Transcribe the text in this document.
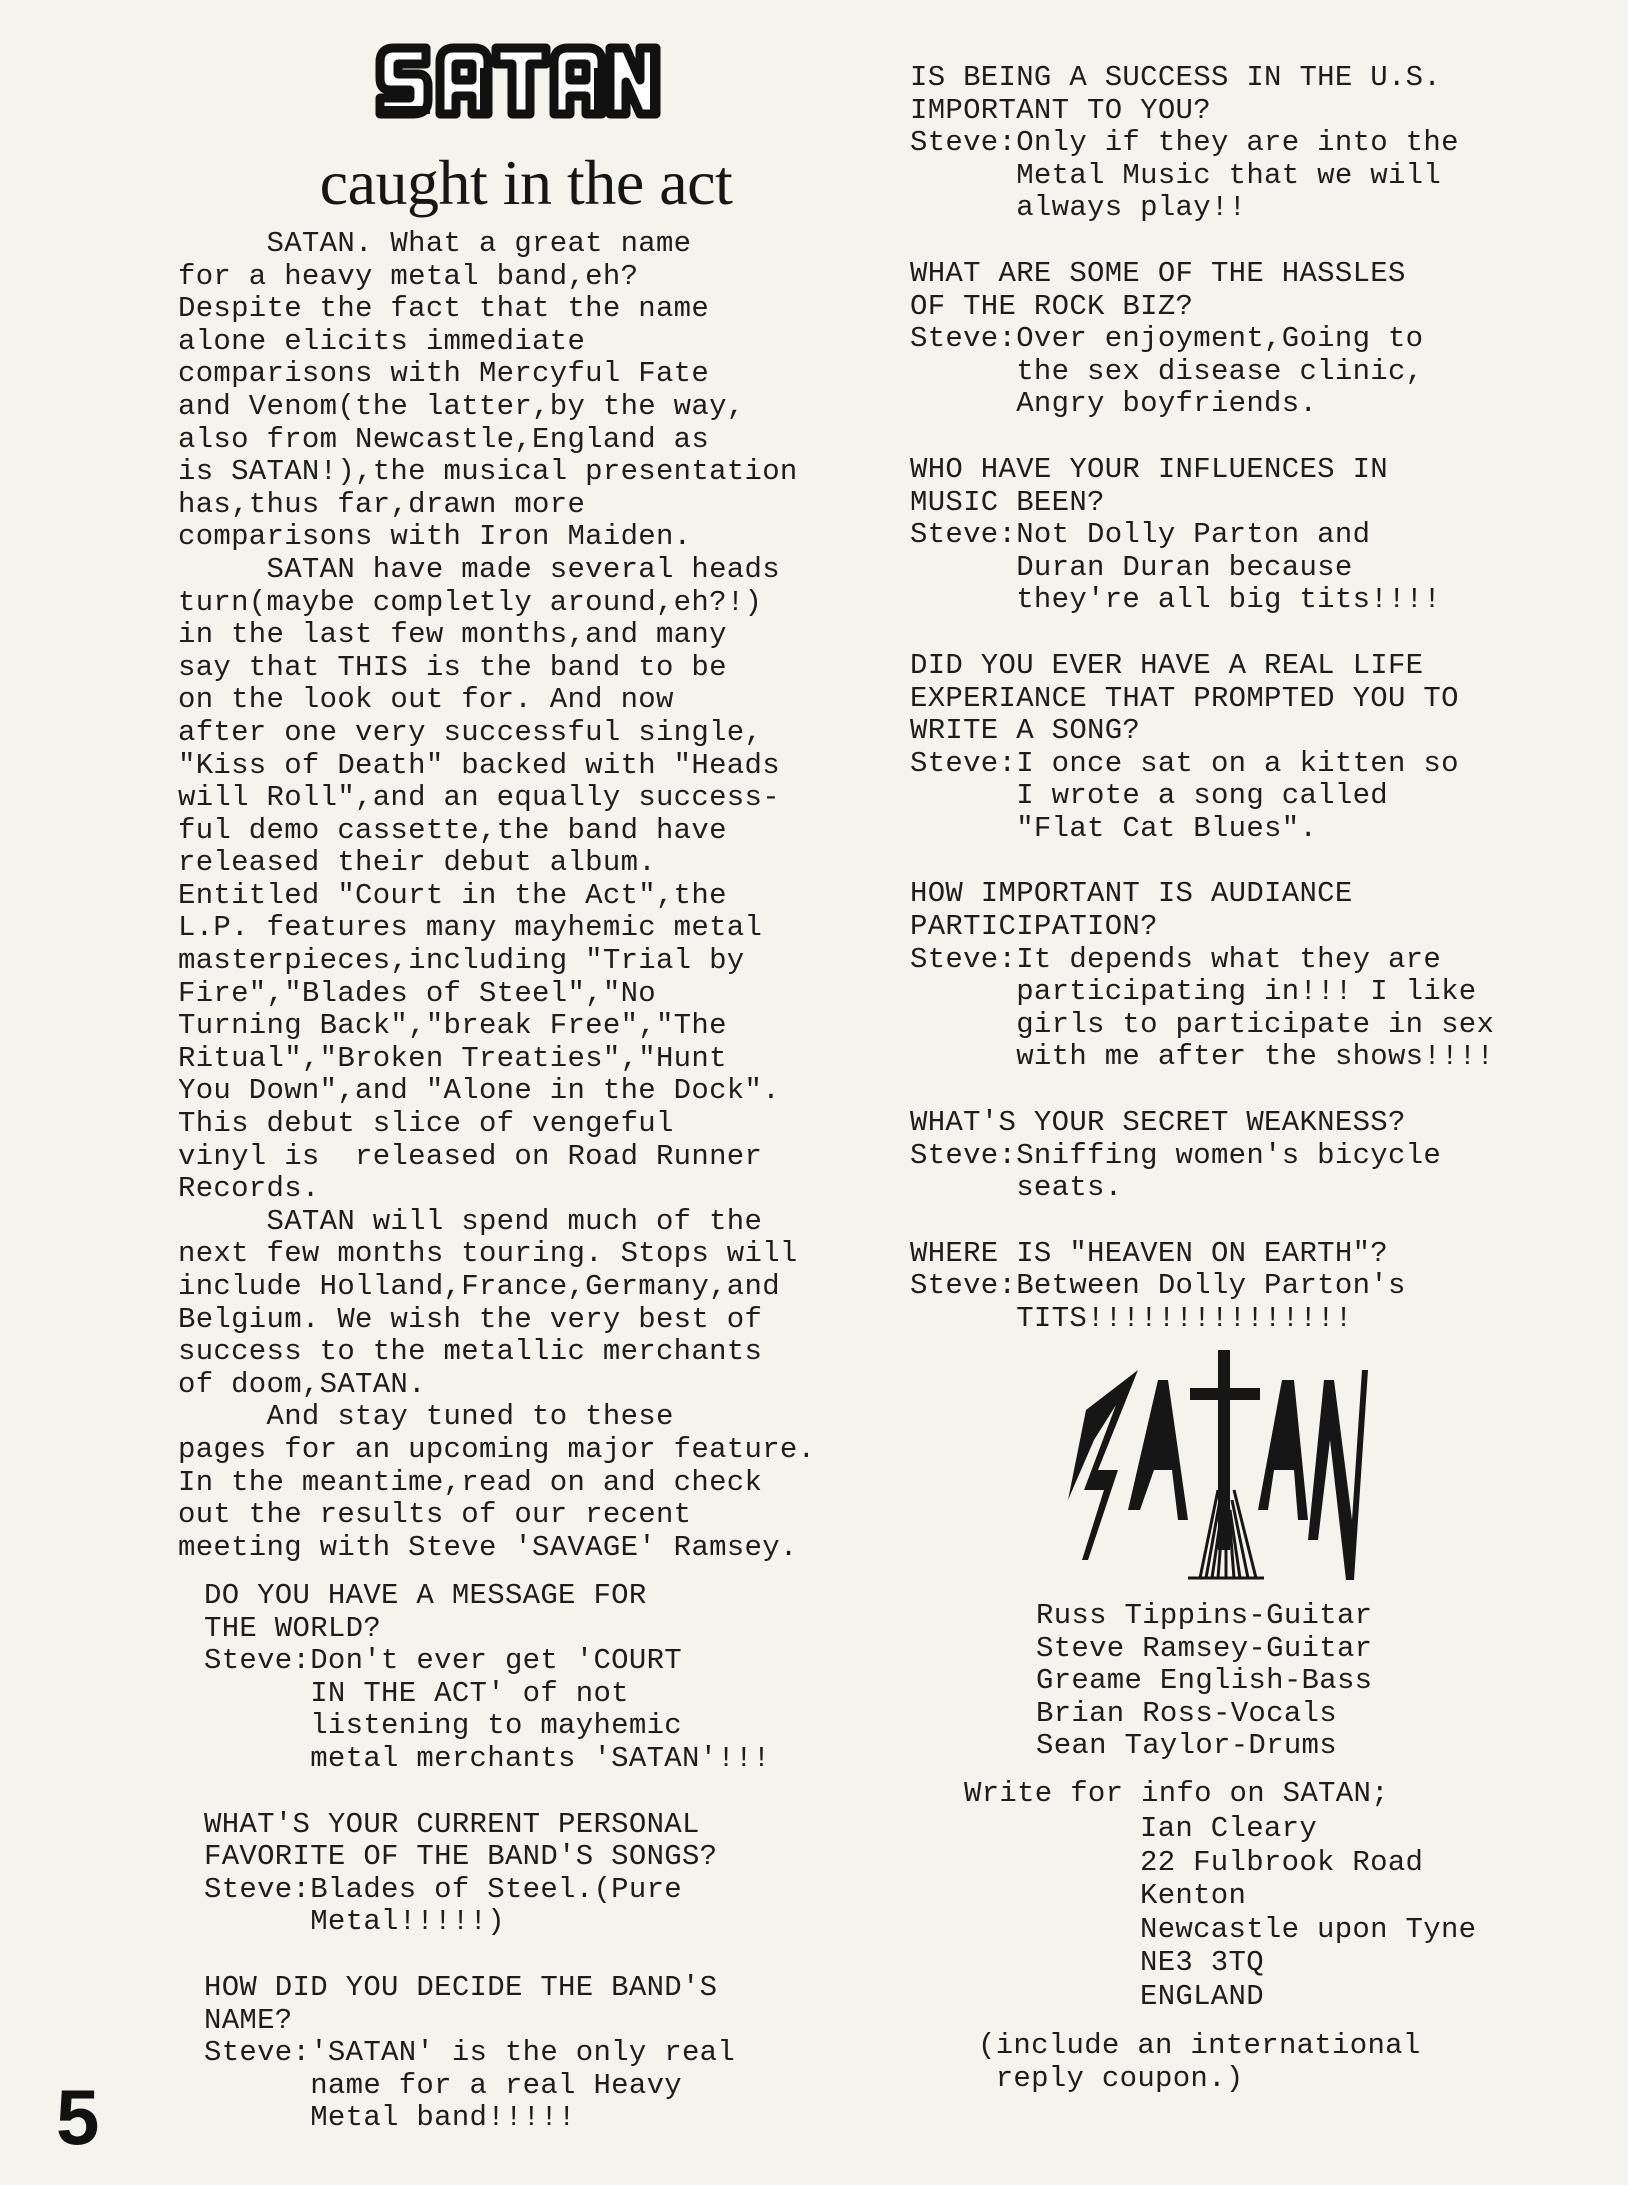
caught in the act
SATAN. What a great name
for a heavy metal band,eh?
Despite the fact that the name
alone elicits immediate
comparisons with Mercyful Fate
and Venom(the latter,by the way,
also from Newcastle,England as
is SATAN!),the musical presentation
has,thus far,drawn more
comparisons with Iron Maiden.
SATAN have made several heads
turn(maybe completly around,eh?!)
in the last few months,and many
say that THIS is the band to be
on the look out for. And now
after one very successful single,
"Kiss of Death" backed with "Heads
will Roll",and an equally success-
ful demo cassette,the band have
released their debut album.
Entitled "Court in the Act",the
L.P. features many mayhemic metal
masterpieces,including "Trial by
Fire","Blades of Steel","No
Turning Back","break Free","The
Ritual","Broken Treaties","Hunt
You Down",and "Alone in the Dock".
This debut slice of vengeful
vinyl is  released on Road Runner
Records.
SATAN will spend much of the
next few months touring. Stops will
include Holland,France,Germany,and
Belgium. We wish the very best of
success to the metallic merchants
of doom,SATAN.
And stay tuned to these
pages for an upcoming major feature.
In the meantime,read on and check
out the results of our recent
meeting with Steve 'SAVAGE' Ramsey.

DO YOU HAVE A MESSAGE FOR
THE WORLD?

Steve:Don't ever get 'COURT
IN THE ACT' of not
listening to mayhemic
metal merchants 'SATAN'!!!

WHAT'S YOUR CURRENT PERSONAL
FAVORITE OF THE BAND'S SONGS?

Steve:Blades of Steel.(Pure
Metal!!!!!)

HOW DID YOU DECIDE THE BAND'S
NAME?

Steve:'SATAN' is the only real
name for a real Heavy
Metal band!!!!!

IS BEING A SUCCESS IN THE U.S.
IMPORTANT TO YOU?

Steve:Only if they are into the
Metal Music that we will
always play!!

WHAT ARE SOME OF THE HASSLES
OF THE ROCK BIZ?

Steve:Over enjoyment,Going to
the sex disease clinic,
Angry boyfriends.

WHO HAVE YOUR INFLUENCES IN
MUSIC BEEN?

Steve:Not Dolly Parton and
Duran Duran because
they're all big tits!!!!

DID YOU EVER HAVE A REAL LIFE
EXPERIANCE THAT PROMPTED YOU TO
WRITE A SONG?

Steve:I once sat on a kitten so
I wrote a song called
"Flat Cat Blues".

HOW IMPORTANT IS AUDIANCE
PARTICIPATION?

Steve:It depends what they are
participating in!!! I like
girls to participate in sex
with me after the shows!!!!

WHAT'S YOUR SECRET WEAKNESS?

Steve:Sniffing women's bicycle
seats.

WHERE IS "HEAVEN ON EARTH"?

Steve:Between Dolly Parton's
TITS!!!!!!!!!!!!!!!

Russ Tippins-Guitar
Steve Ramsey-Guitar
Greame English-Bass
Brian Ross-Vocals
Sean Taylor-Drums
Write for info on SATAN;
Ian Cleary
22 Fulbrook Road
Kenton
Newcastle upon Tyne
NE3 3TQ
ENGLAND
(include an international
reply coupon.)
5
